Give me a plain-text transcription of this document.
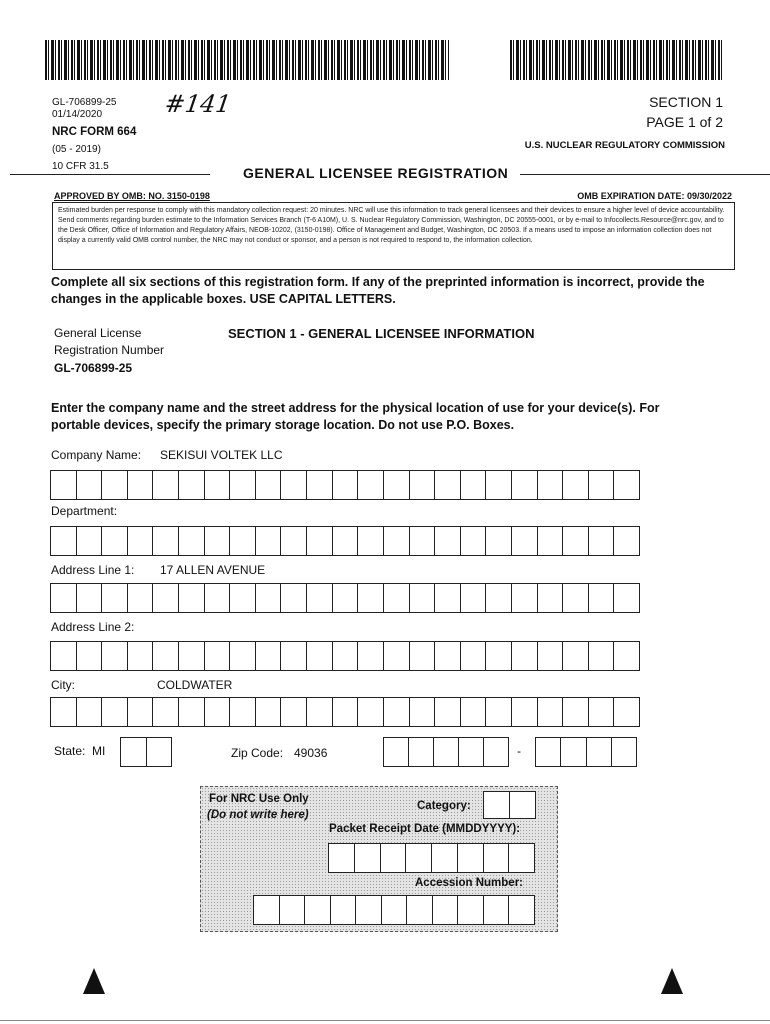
GL-706899-25
01/14/2020	#141
NRC FORM 664
(05 - 2019)
10 CFR 31.5
SECTION 1
PAGE 1 of 2
U.S. NUCLEAR REGULATORY COMMISSION
GENERAL LICENSEE REGISTRATION
APPROVED BY OMB: NO. 3150-0198	OMB EXPIRATION DATE: 09/30/2022
Estimated burden per response to comply with this mandatory collection request: 20 minutes. NRC will use this information to track general licensees and their devices to ensure a higher level of device accountability. Send comments regarding burden estimate to the Information Services Branch (T-6 A10M), U. S. Nuclear Regulatory Commission, Washington, DC 20555-0001, or by e-mail to Infocollects.Resource@nrc.gov, and to the Desk Officer, Office of Information and Regulatory Affairs, NEOB-10202, (3150-0198). Office of Management and Budget, Washington, DC 20503. If a means used to impose an information collection does not display a currently valid OMB control number, the NRC may not conduct or sponsor, and a person is not required to respond to, the information collection.
Complete all six sections of this registration form. If any of the preprinted information is incorrect, provide the changes in the applicable boxes. USE CAPITAL LETTERS.
General License
Registration Number
GL-706899-25
SECTION 1 - GENERAL LICENSEE INFORMATION
Enter the company name and the street address for the physical location of use for your device(s). For portable devices, specify the primary storage location. Do not use P.O. Boxes.
Company Name: SEKISUI VOLTEK LLC
Department:
Address Line 1: 17 ALLEN AVENUE
Address Line 2:
City:	COLDWATER
State: MI	Zip Code: 49036	-
For NRC Use Only
(Do not write here)
Category:
Packet Receipt Date (MMDDYYYY):
Accession Number:
